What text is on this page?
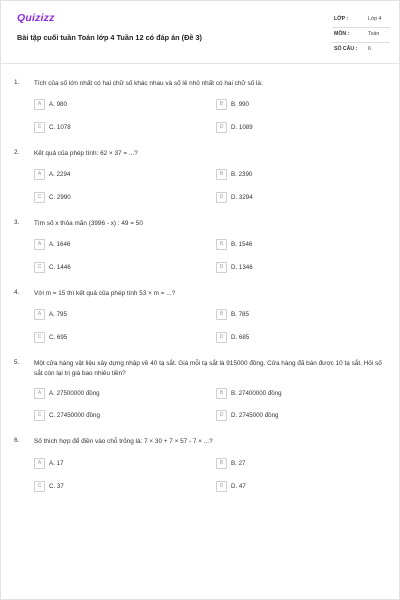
Quizizz
Bài tập cuối tuần Toán lớp 4 Tuần 12 có đáp án (Đề 3)
LỚP :	Lớp 4
MÔN :	Toán
SỐ CÂU : 6
1. Tích của số lớn nhất có hai chữ số khác nhau và số lẻ nhỏ nhất có hai chữ số là:
A	A. 980	B	B. 990
C	C. 1078	D	D. 1089
2. Kết quả của phép tính: 62 × 37 = ...?
A	A. 2294	B	B. 2390
C	C. 2990	D	D. 3294
3. Tìm số x thỏa mãn (3996 - x) : 49 = 50
A	A. 1646	B	B. 1546
C	C. 1446	D	D. 1346
4. Với m = 15 thì kết quả của phép tính 53 × m = ...?
A	A. 795	B	B. 785
C	C. 695	D	D. 685
5. Một cửa hàng vật liệu xây dựng nhập về 40 tạ sắt. Giá mỗi tạ sắt là 915000 đồng. Cửa hàng đã bán được 10 tạ sắt. Hỏi số sắt còn lại trị giá bao nhiêu tiền?
A	A. 27500000 đồng	B	B. 27400000 đồng
C	C. 27450000 đồng	D	D. 2745000 đồng
6. Số thích hợp để điền vào chỗ trống là: 7 × 30 + 7 × 57 - 7 × ...?
A	A. 17	B	B. 27
C	C. 37	D	D. 47
